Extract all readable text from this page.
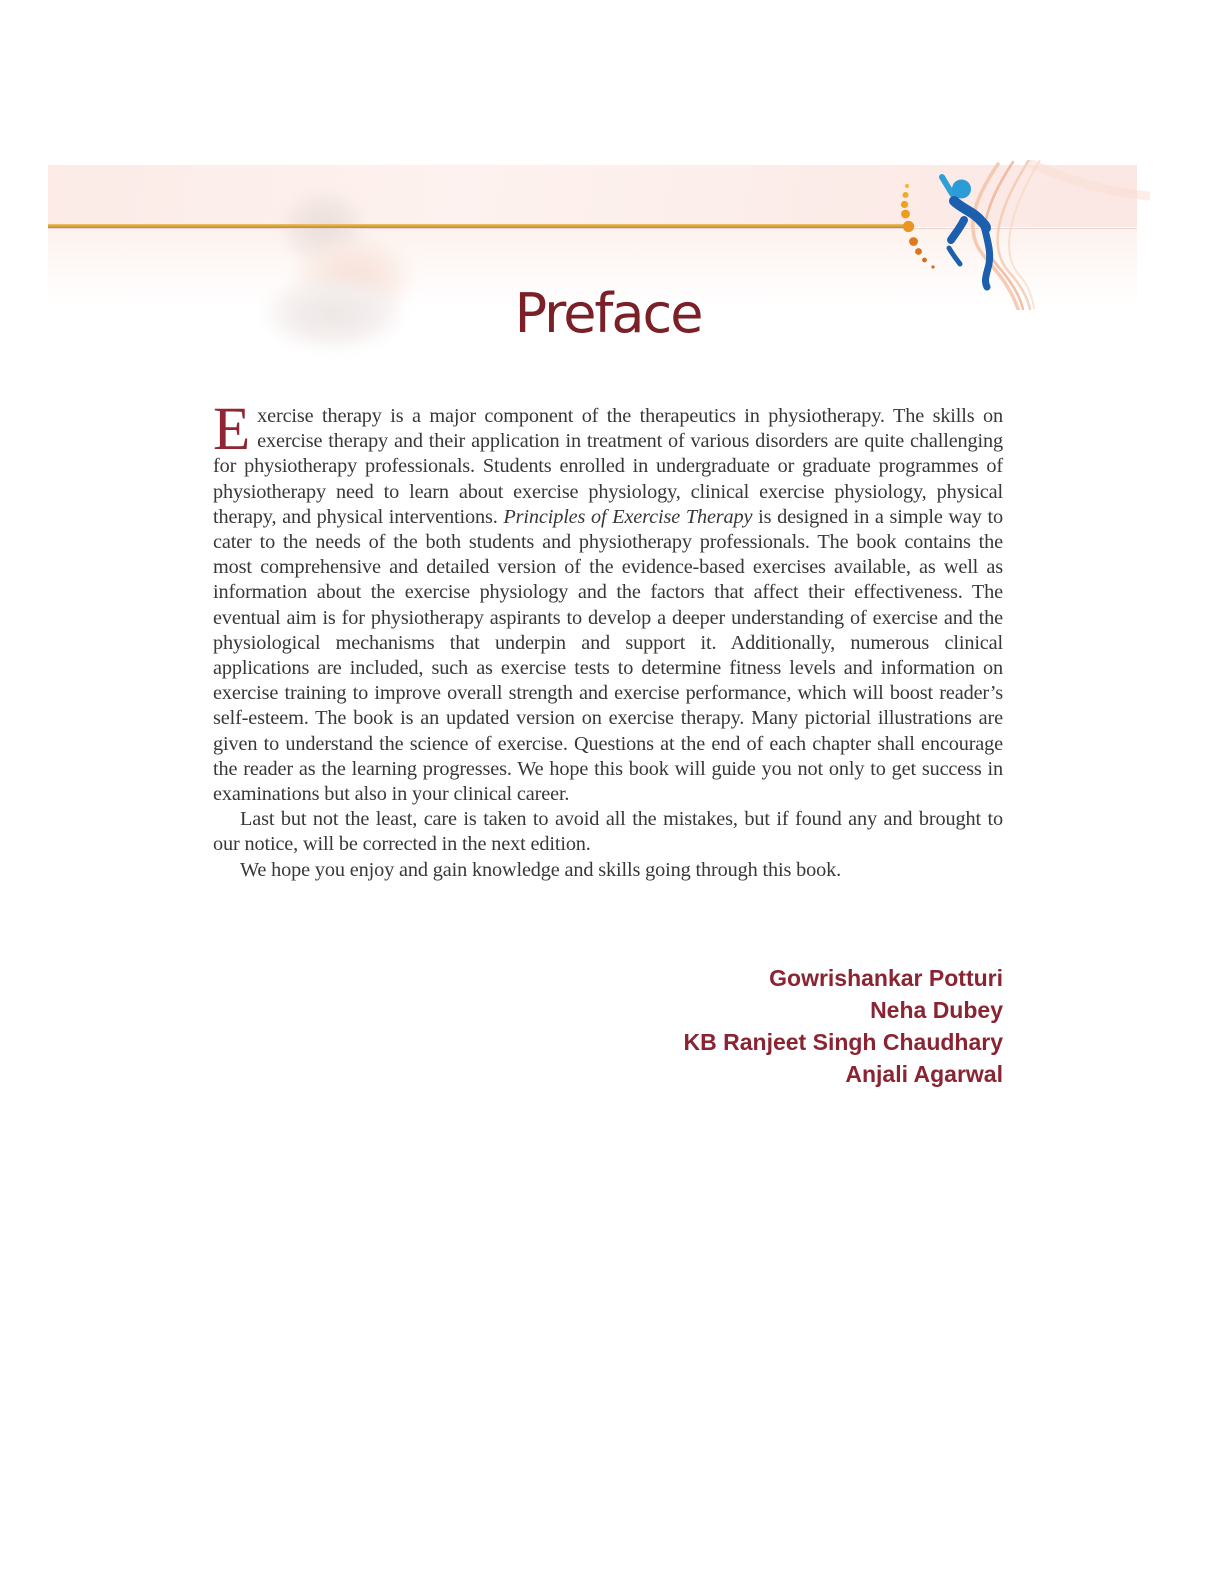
Preface

Exercise therapy is a major component of the therapeutics in physiotherapy. The skills on exercise therapy and their application in treatment of various disorders are quite challenging for physiotherapy professionals. Students enrolled in undergraduate or graduate programmes of physiotherapy need to learn about exercise physiology, clinical exercise physiology, physical therapy, and physical interventions. Principles of Exercise Therapy is designed in a simple way to cater to the needs of the both students and physiotherapy professionals. The book contains the most comprehensive and detailed version of the evidence-based exercises available, as well as information about the exercise physiology and the factors that affect their effectiveness. The eventual aim is for physiotherapy aspirants to develop a deeper understanding of exercise and the physiological mechanisms that underpin and support it. Additionally, numerous clinical applications are included, such as exercise tests to determine fitness levels and information on exercise training to improve overall strength and exercise performance, which will boost reader’s self-esteem. The book is an updated version on exercise therapy. Many pictorial illustrations are given to understand the science of exercise. Questions at the end of each chapter shall encourage the reader as the learning progresses. We hope this book will guide you not only to get success in examinations but also in your clinical career.

Last but not the least, care is taken to avoid all the mistakes, but if found any and brought to our notice, will be corrected in the next edition.

We hope you enjoy and gain knowledge and skills going through this book.

Gowrishankar Potturi
Neha Dubey
KB Ranjeet Singh Chaudhary
Anjali Agarwal
